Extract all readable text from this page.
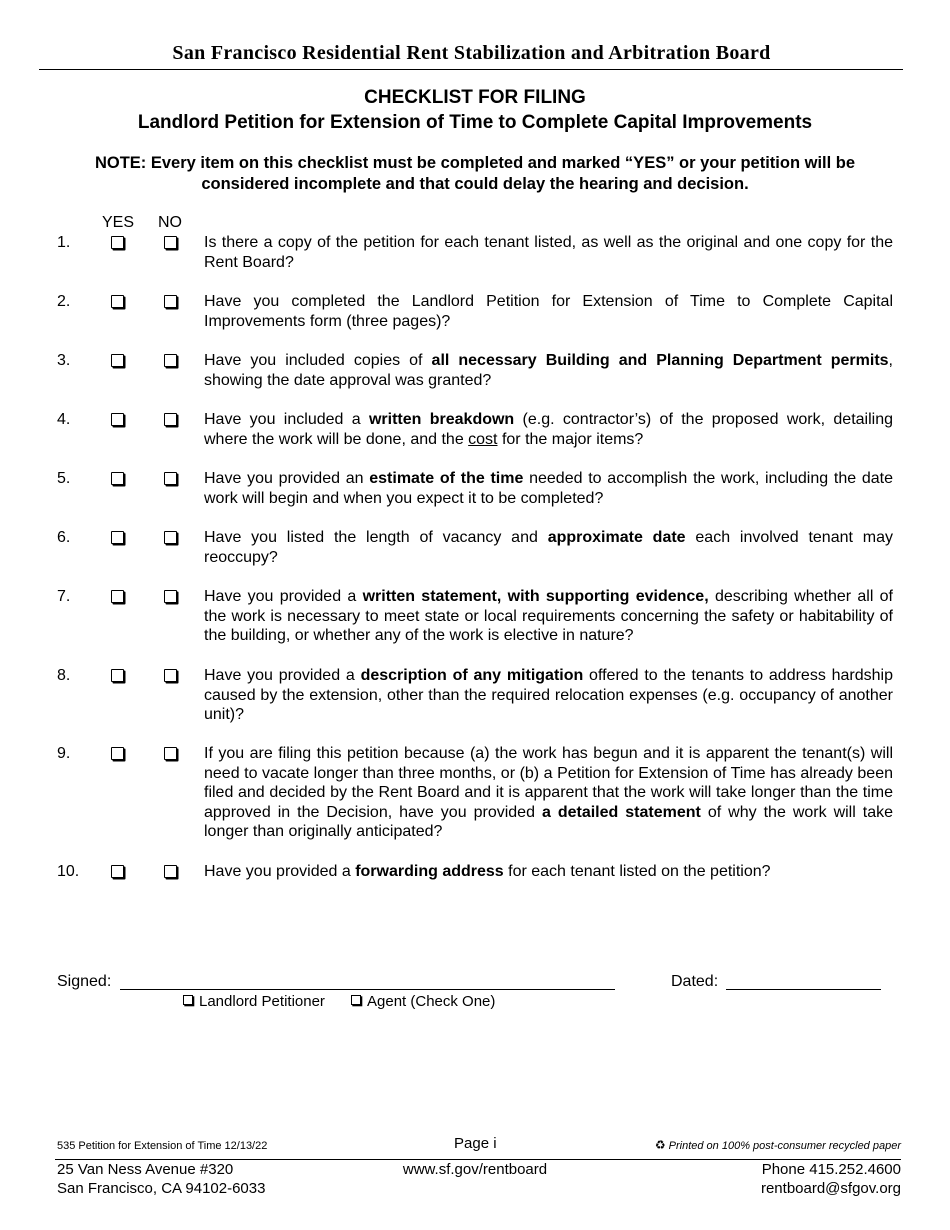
San Francisco Residential Rent Stabilization and Arbitration Board
CHECKLIST FOR FILING
Landlord Petition for Extension of Time to Complete Capital Improvements
NOTE: Every item on this checklist must be completed and marked “YES” or your petition will be considered incomplete and that could delay the hearing and decision.
YES NO
1.	Is there a copy of the petition for each tenant listed, as well as the original and one copy for the Rent Board?
2.	Have you completed the Landlord Petition for Extension of Time to Complete Capital Improvements form (three pages)?
3.	Have you included copies of all necessary Building and Planning Department permits, showing the date approval was granted?
4.	Have you included a written breakdown (e.g. contractor’s) of the proposed work, detailing where the work will be done, and the cost for the major items?
5.	Have you provided an estimate of the time needed to accomplish the work, including the date work will begin and when you expect it to be completed?
6.	Have you listed the length of vacancy and approximate date each involved tenant may reoccupy?
7.	Have you provided a written statement, with supporting evidence, describing whether all of the work is necessary to meet state or local requirements concerning the safety or habitability of the building, or whether any of the work is elective in nature?
8.	Have you provided a description of any mitigation offered to the tenants to address hardship caused by the extension, other than the required relocation expenses (e.g. occupancy of another unit)?
9.	If you are filing this petition because (a) the work has begun and it is apparent the tenant(s) will need to vacate longer than three months, or (b) a Petition for Extension of Time has already been filed and decided by the Rent Board and it is apparent that the work will take longer than the time approved in the Decision, have you provided a detailed statement of why the work will take longer than originally anticipated?
10.	Have you provided a forwarding address for each tenant listed on the petition?
Signed:	Dated:
Landlord Petitioner	Agent (Check One)
535 Petition for Extension of Time 12/13/22	Page i	♻ Printed on 100% post-consumer recycled paper
25 Van Ness Avenue #320
San Francisco, CA 94102-6033
www.sf.gov/rentboard	Phone 415.252.4600
rentboard@sfgov.org
